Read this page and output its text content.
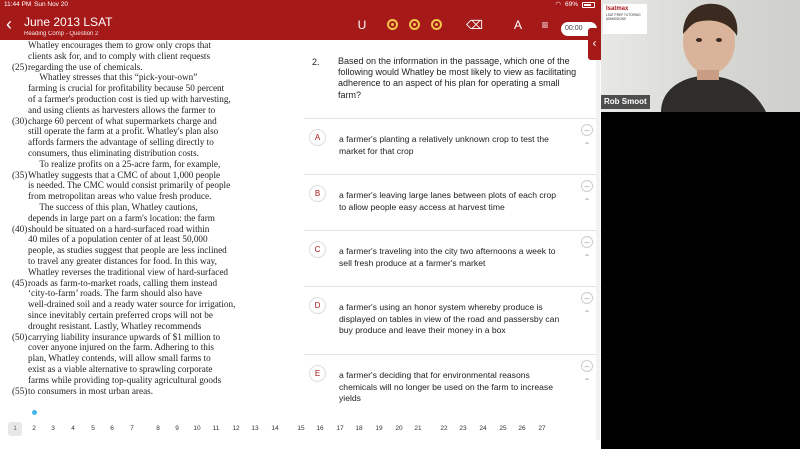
11:44 PM Sun Nov 20	◠ 69%
‹ June 2013 LSAT
Reading Comp - Question 2
U	⌫	A	≡	00:00
‹
Whatley encourages them to grow only crops that
clients ask for, and to comply with client requests
(25) regarding the use of chemicals.
Whatley stresses that this “pick-your-own”
farming is crucial for profitability because 50 percent
of a farmer's production cost is tied up with harvesting,
and using clients as harvesters allows the farmer to
(30) charge 60 percent of what supermarkets charge and
still operate the farm at a profit. Whatley's plan also
affords farmers the advantage of selling directly to
consumers, thus eliminating distribution costs.
To realize profits on a 25-acre farm, for example,
(35) Whatley suggests that a CMC of about 1,000 people
is needed. The CMC would consist primarily of people
from metropolitan areas who value fresh produce.
The success of this plan, Whatley cautions,
depends in large part on a farm's location: the farm
(40) should be situated on a hard-surfaced road within
40 miles of a population center of at least 50,000
people, as studies suggest that people are less inclined
to travel any greater distances for food. In this way,
Whatley reverses the traditional view of hard-surfaced
(45) roads as farm-to-market roads, calling them instead
‘city-to-farm’ roads. The farm should also have
well-drained soil and a ready water source for irrigation,
since inevitably certain preferred crops will not be
drought resistant. Lastly, Whatley recommends
(50) carrying liability insurance upwards of $1 million to
cover anyone injured on the farm. Adhering to this
plan, Whatley contends, will allow small farms to
exist as a viable alternative to sprawling corporate
farms while providing top-quality agricultural goods
(55) to consumers in most urban areas.
2. Based on the information in the passage, which one of the following would Whatley be most likely to view as facilitating adherence to an aspect of his plan for operating a small farm?
A	a farmer's planting a relatively unknown crop to test the market for that crop
–
⌃
B	a farmer's leaving large lanes between plots of each crop to allow people easy access at harvest time
–
⌃
C	a farmer's traveling into the city two afternoons a week to sell fresh produce at a farmer's market
–
⌃
D	a farmer's using an honor system whereby produce is displayed on tables in view of the road and passersby can buy produce and leave their money in a box
–
⌃
E	a farmer's deciding that for environmental reasons chemicals will no longer be used on the farm to increase yields
–
⌃
1	2	3	4	5	6	7	8	9	10	11	12	13	14	15	16	17	18	19	20	21	22	23	24	25	26	27
lsatmax
LSAT PREP TUTORING ADMISSIONS
Rob Smoot
